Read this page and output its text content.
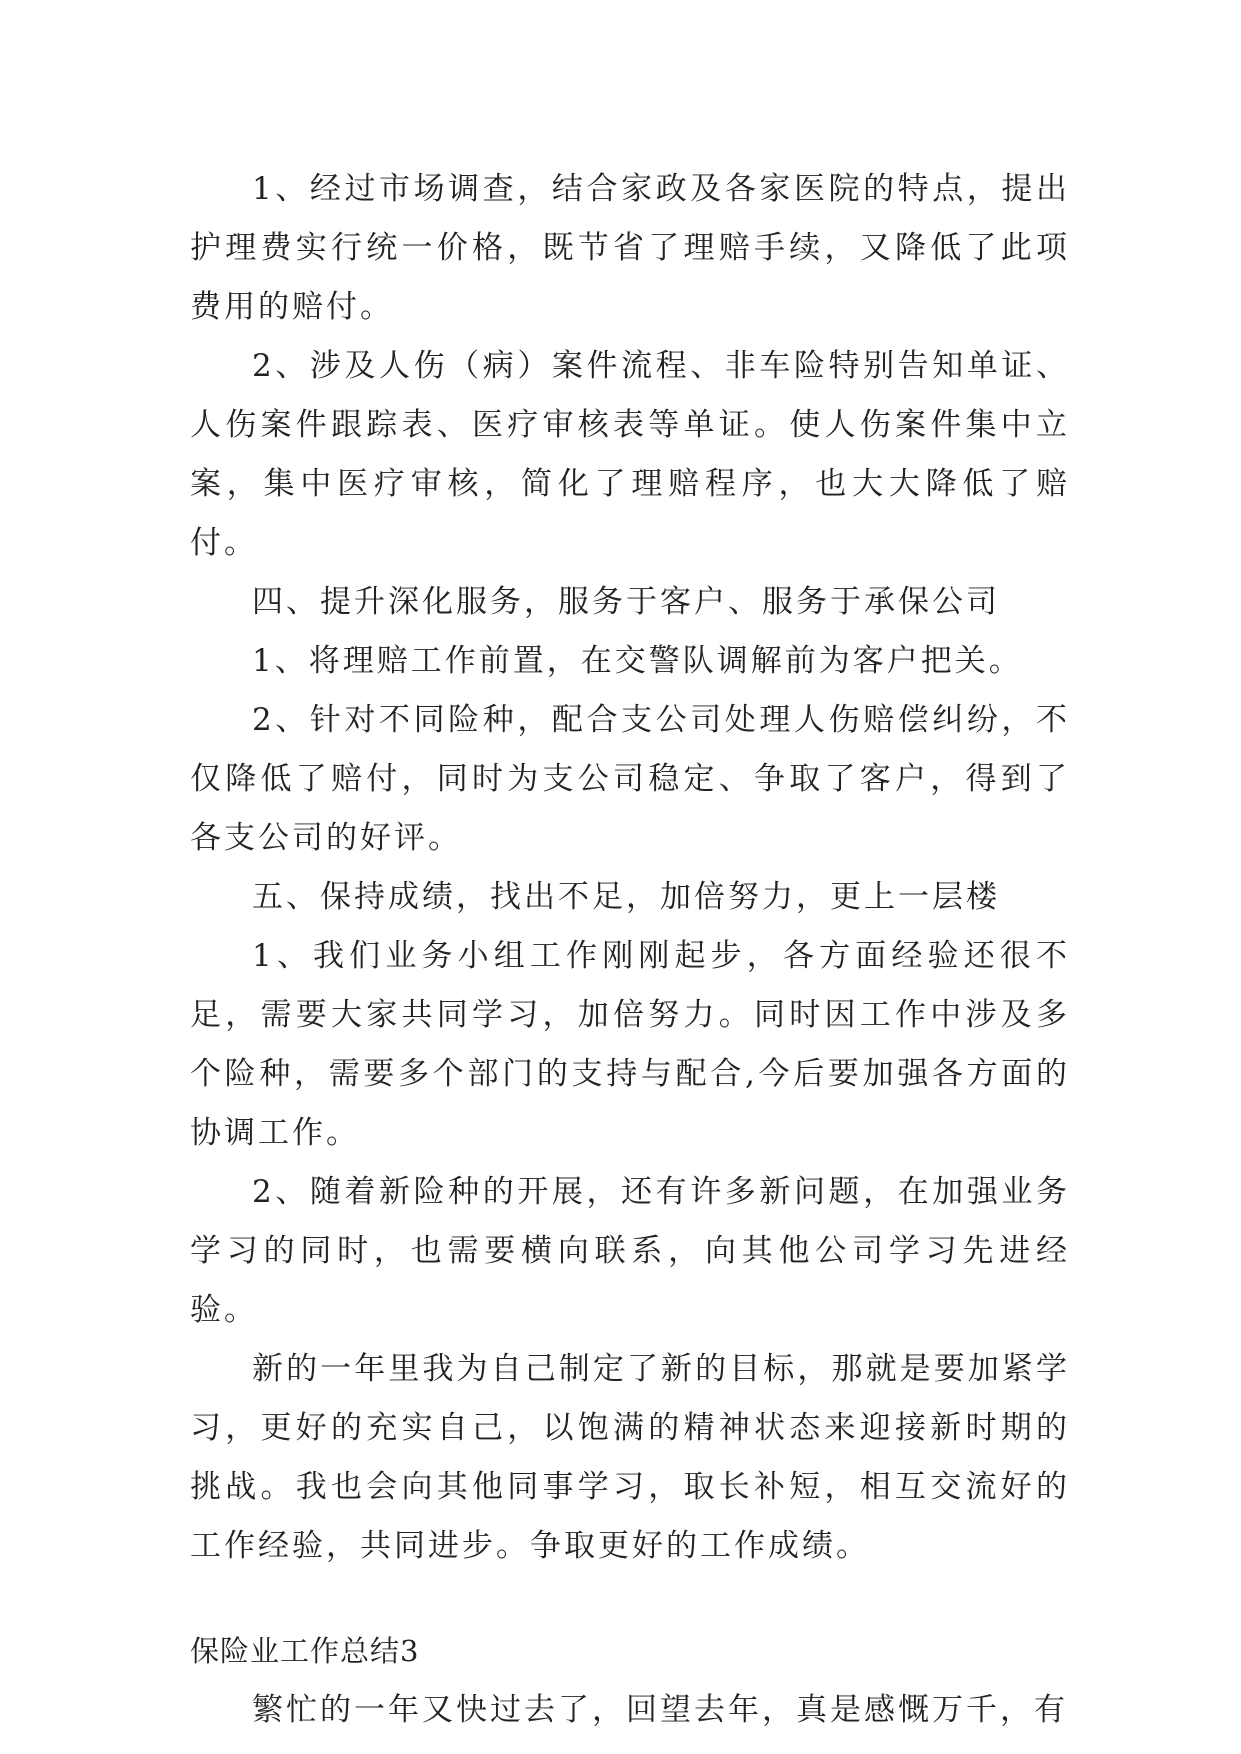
1、经过市场调查，结合家政及各家医院的特点，提出护理费实行统一价格，既节省了理赔手续，又降低了此项费用的赔付。

2、涉及人伤（病）案件流程、非车险特别告知单证、人伤案件跟踪表、医疗审核表等单证。使人伤案件集中立案，集中医疗审核，简化了理赔程序，也大大降低了赔付。

四、提升深化服务，服务于客户、服务于承保公司

1、将理赔工作前置，在交警队调解前为客户把关。

2、针对不同险种，配合支公司处理人伤赔偿纠纷，不仅降低了赔付，同时为支公司稳定、争取了客户，得到了各支公司的好评。

五、保持成绩，找出不足，加倍努力，更上一层楼

1、我们业务小组工作刚刚起步，各方面经验还很不足，需要大家共同学习，加倍努力。同时因工作中涉及多个险种，需要多个部门的支持与配合,今后要加强各方面的协调工作。

2、随着新险种的开展，还有许多新问题，在加强业务学习的同时，也需要横向联系，向其他公司学习先进经验。

新的一年里我为自己制定了新的目标，那就是要加紧学习，更好的充实自己，以饱满的精神状态来迎接新时期的挑战。我也会向其他同事学习，取长补短，相互交流好的工作经验，共同进步。争取更好的工作成绩。

保险业工作总结3

繁忙的一年又快过去了，回望去年，真是感慨万千，有
